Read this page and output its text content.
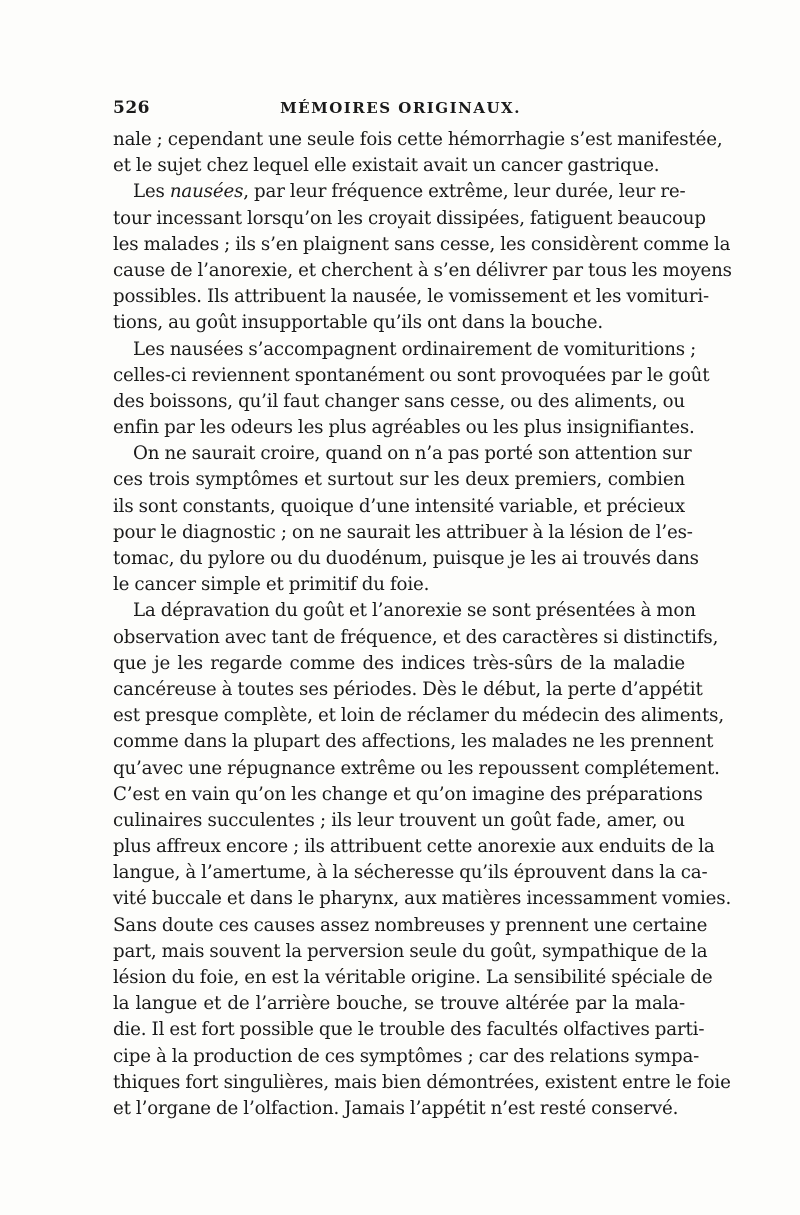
526	MÉMOIRES ORIGINAUX.
nale ; cependant une seule fois cette hémorrhagie s’est manifestée,
et le sujet chez lequel elle existait avait un cancer gastrique.
Les nausées, par leur fréquence extrême, leur durée, leur re-
tour incessant lorsqu’on les croyait dissipées, fatiguent beaucoup
les malades ; ils s’en plaignent sans cesse, les considèrent comme la
cause de l’anorexie, et cherchent à s’en délivrer par tous les moyens
possibles. Ils attribuent la nausée, le vomissement et les vomituri-
tions, au goût insupportable qu’ils ont dans la bouche.
Les nausées s’accompagnent ordinairement de vomituritions ;
celles-ci reviennent spontanément ou sont provoquées par le goût
des boissons, qu’il faut changer sans cesse, ou des aliments, ou
enfin par les odeurs les plus agréables ou les plus insignifiantes.
On ne saurait croire, quand on n’a pas porté son attention sur
ces trois symptômes et surtout sur les deux premiers, combien
ils sont constants, quoique d’une intensité variable, et précieux
pour le diagnostic ; on ne saurait les attribuer à la lésion de l’es-
tomac, du pylore ou du duodénum, puisque je les ai trouvés dans
le cancer simple et primitif du foie.
La dépravation du goût et l’anorexie se sont présentées à mon
observation avec tant de fréquence, et des caractères si distinctifs,
que je les regarde comme des indices très-sûrs de la maladie
cancéreuse à toutes ses périodes. Dès le début, la perte d’appétit
est presque complète, et loin de réclamer du médecin des aliments,
comme dans la plupart des affections, les malades ne les prennent
qu’avec une répugnance extrême ou les repoussent complétement.
C’est en vain qu’on les change et qu’on imagine des préparations
culinaires succulentes ; ils leur trouvent un goût fade, amer, ou
plus affreux encore ; ils attribuent cette anorexie aux enduits de la
langue, à l’amertume, à la sécheresse qu’ils éprouvent dans la ca-
vité buccale et dans le pharynx, aux matières incessamment vomies.
Sans doute ces causes assez nombreuses y prennent une certaine
part, mais souvent la perversion seule du goût, sympathique de la
lésion du foie, en est la véritable origine. La sensibilité spéciale de
la langue et de l’arrière bouche, se trouve altérée par la mala-
die. Il est fort possible que le trouble des facultés olfactives parti-
cipe à la production de ces symptômes ; car des relations sympa-
thiques fort singulières, mais bien démontrées, existent entre le foie
et l’organe de l’olfaction. Jamais l’appétit n’est resté conservé.
